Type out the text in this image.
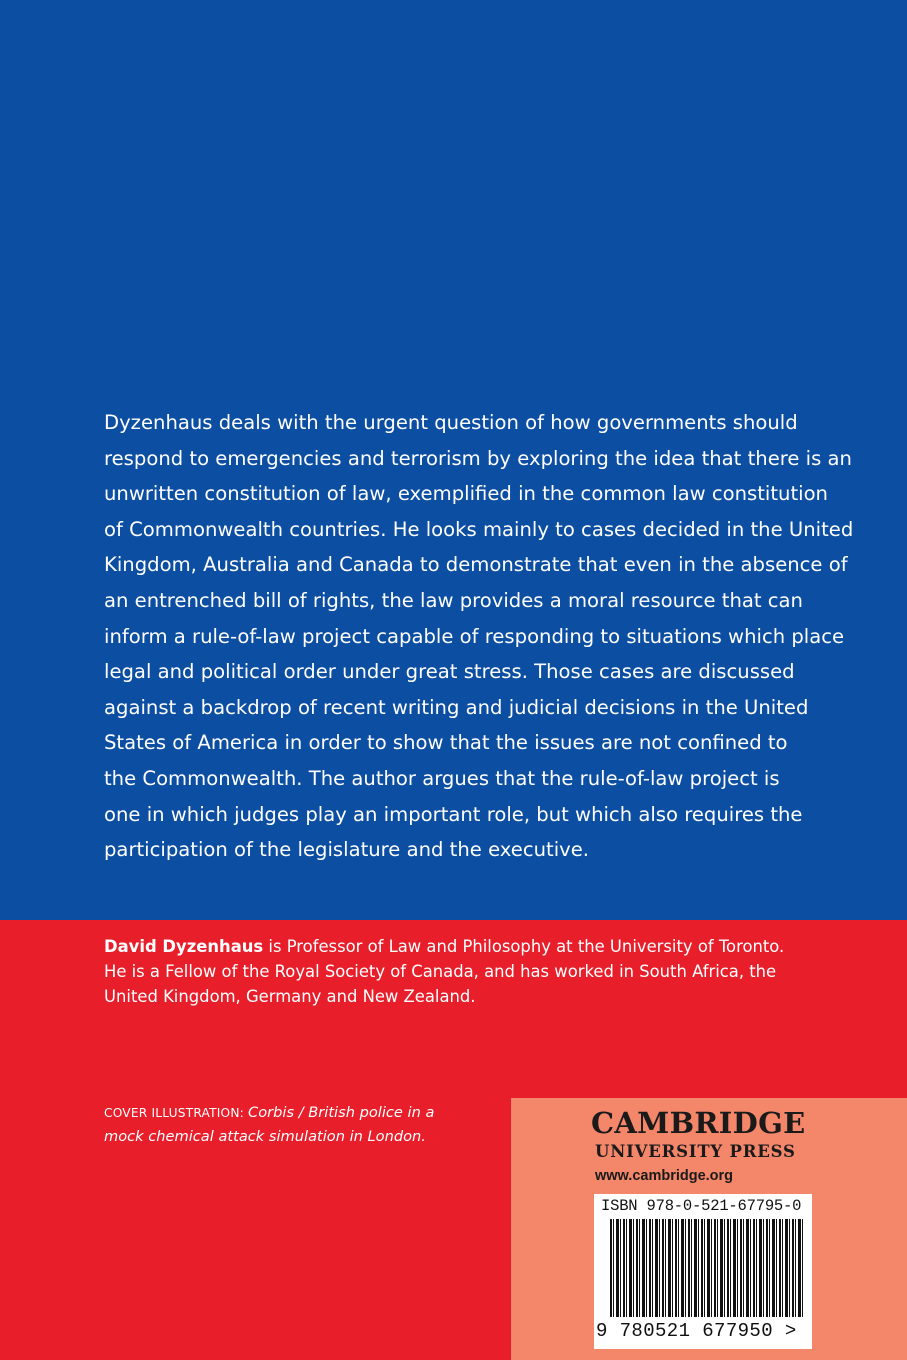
Dyzenhaus deals with the urgent question of how governments should
respond to emergencies and terrorism by exploring the idea that there is an
unwritten constitution of law, exemplified in the common law constitution
of Commonwealth countries. He looks mainly to cases decided in the United
Kingdom, Australia and Canada to demonstrate that even in the absence of
an entrenched bill of rights, the law provides a moral resource that can
inform a rule-of-law project capable of responding to situations which place
legal and political order under great stress. Those cases are discussed
against a backdrop of recent writing and judicial decisions in the United
States of America in order to show that the issues are not confined to
the Commonwealth. The author argues that the rule-of-law project is
one in which judges play an important role, but which also requires the
participation of the legislature and the executive.
David Dyzenhaus is Professor of Law and Philosophy at the University of Toronto.
He is a Fellow of the Royal Society of Canada, and has worked in South Africa, the
United Kingdom, Germany and New Zealand.
COVER ILLUSTRATION: Corbis / British police in a
mock chemical attack simulation in London.	CAMBRIDGE
UNIVERSITY PRESS
www.cambridge.org
ISBN 978-0-521-67795-0
9 780521 677950 >
